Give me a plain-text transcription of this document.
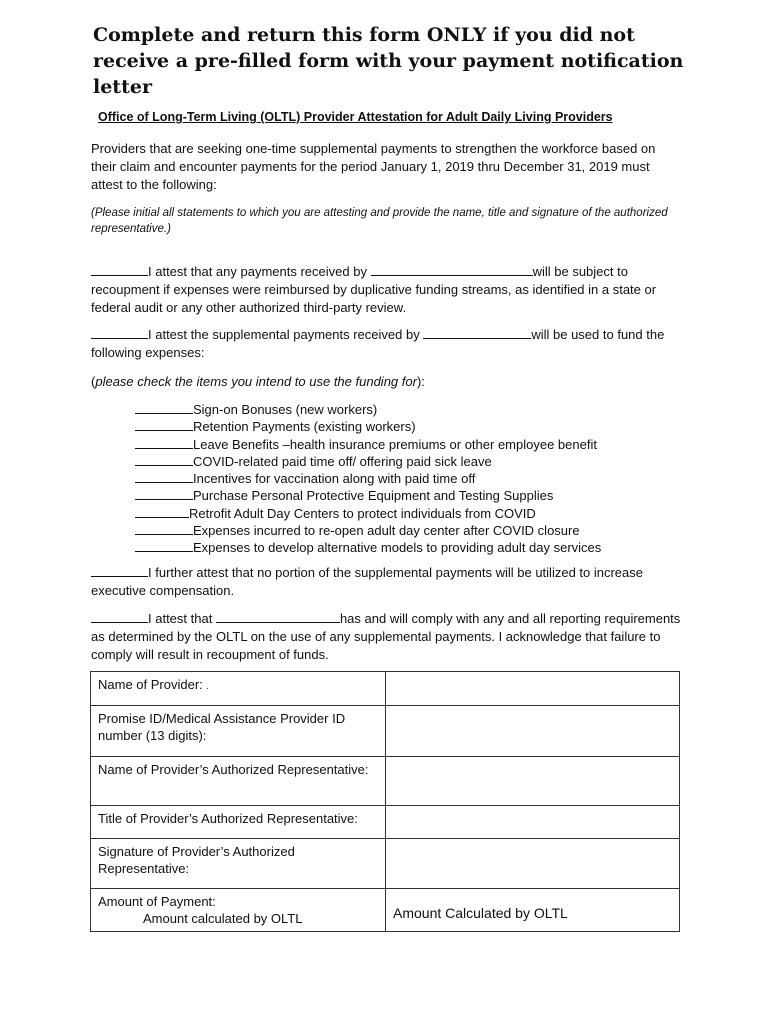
Complete and return this form ONLY if you did not receive a pre-filled form with your payment notification letter

Office of Long-Term Living (OLTL) Provider Attestation for Adult Daily Living Providers

Providers that are seeking one-time supplemental payments to strengthen the workforce based on their claim and encounter payments for the period January 1, 2019 thru December 31, 2019 must attest to the following:

(Please initial all statements to which you are attesting and provide the name, title and signature of the authorized representative.)

I attest that any payments received by	will be subject to recoupment if expenses were reimbursed by duplicative funding streams, as identified in a state or federal audit or any other authorized third-party review.

I attest the supplemental payments received by	will be used to fund the following expenses:

(please check the items you intend to use the funding for):

Sign-on Bonuses (new workers)
Retention Payments (existing workers)
Leave Benefits –health insurance premiums or other employee benefit
COVID-related paid time off/ offering paid sick leave
Incentives for vaccination along with paid time off
Purchase Personal Protective Equipment and Testing Supplies
Retrofit Adult Day Centers to protect individuals from COVID
Expenses incurred to re-open adult day center after COVID closure
Expenses to develop alternative models to providing adult day services

I further attest that no portion of the supplemental payments will be utilized to increase executive compensation.

I attest that	has and will comply with any and all reporting requirements as determined by the OLTL on the use of any supplemental payments. I acknowledge that failure to comply will result in recoupment of funds.

Name of Provider: .	
Promise ID/Medical Assistance Provider ID number (13 digits):	
Name of Provider’s Authorized Representative:	
Title of Provider’s Authorized Representative:	
Signature of Provider’s Authorized Representative:	
Amount of Payment:
Amount calculated by OLTL	Amount Calculated by OLTL
